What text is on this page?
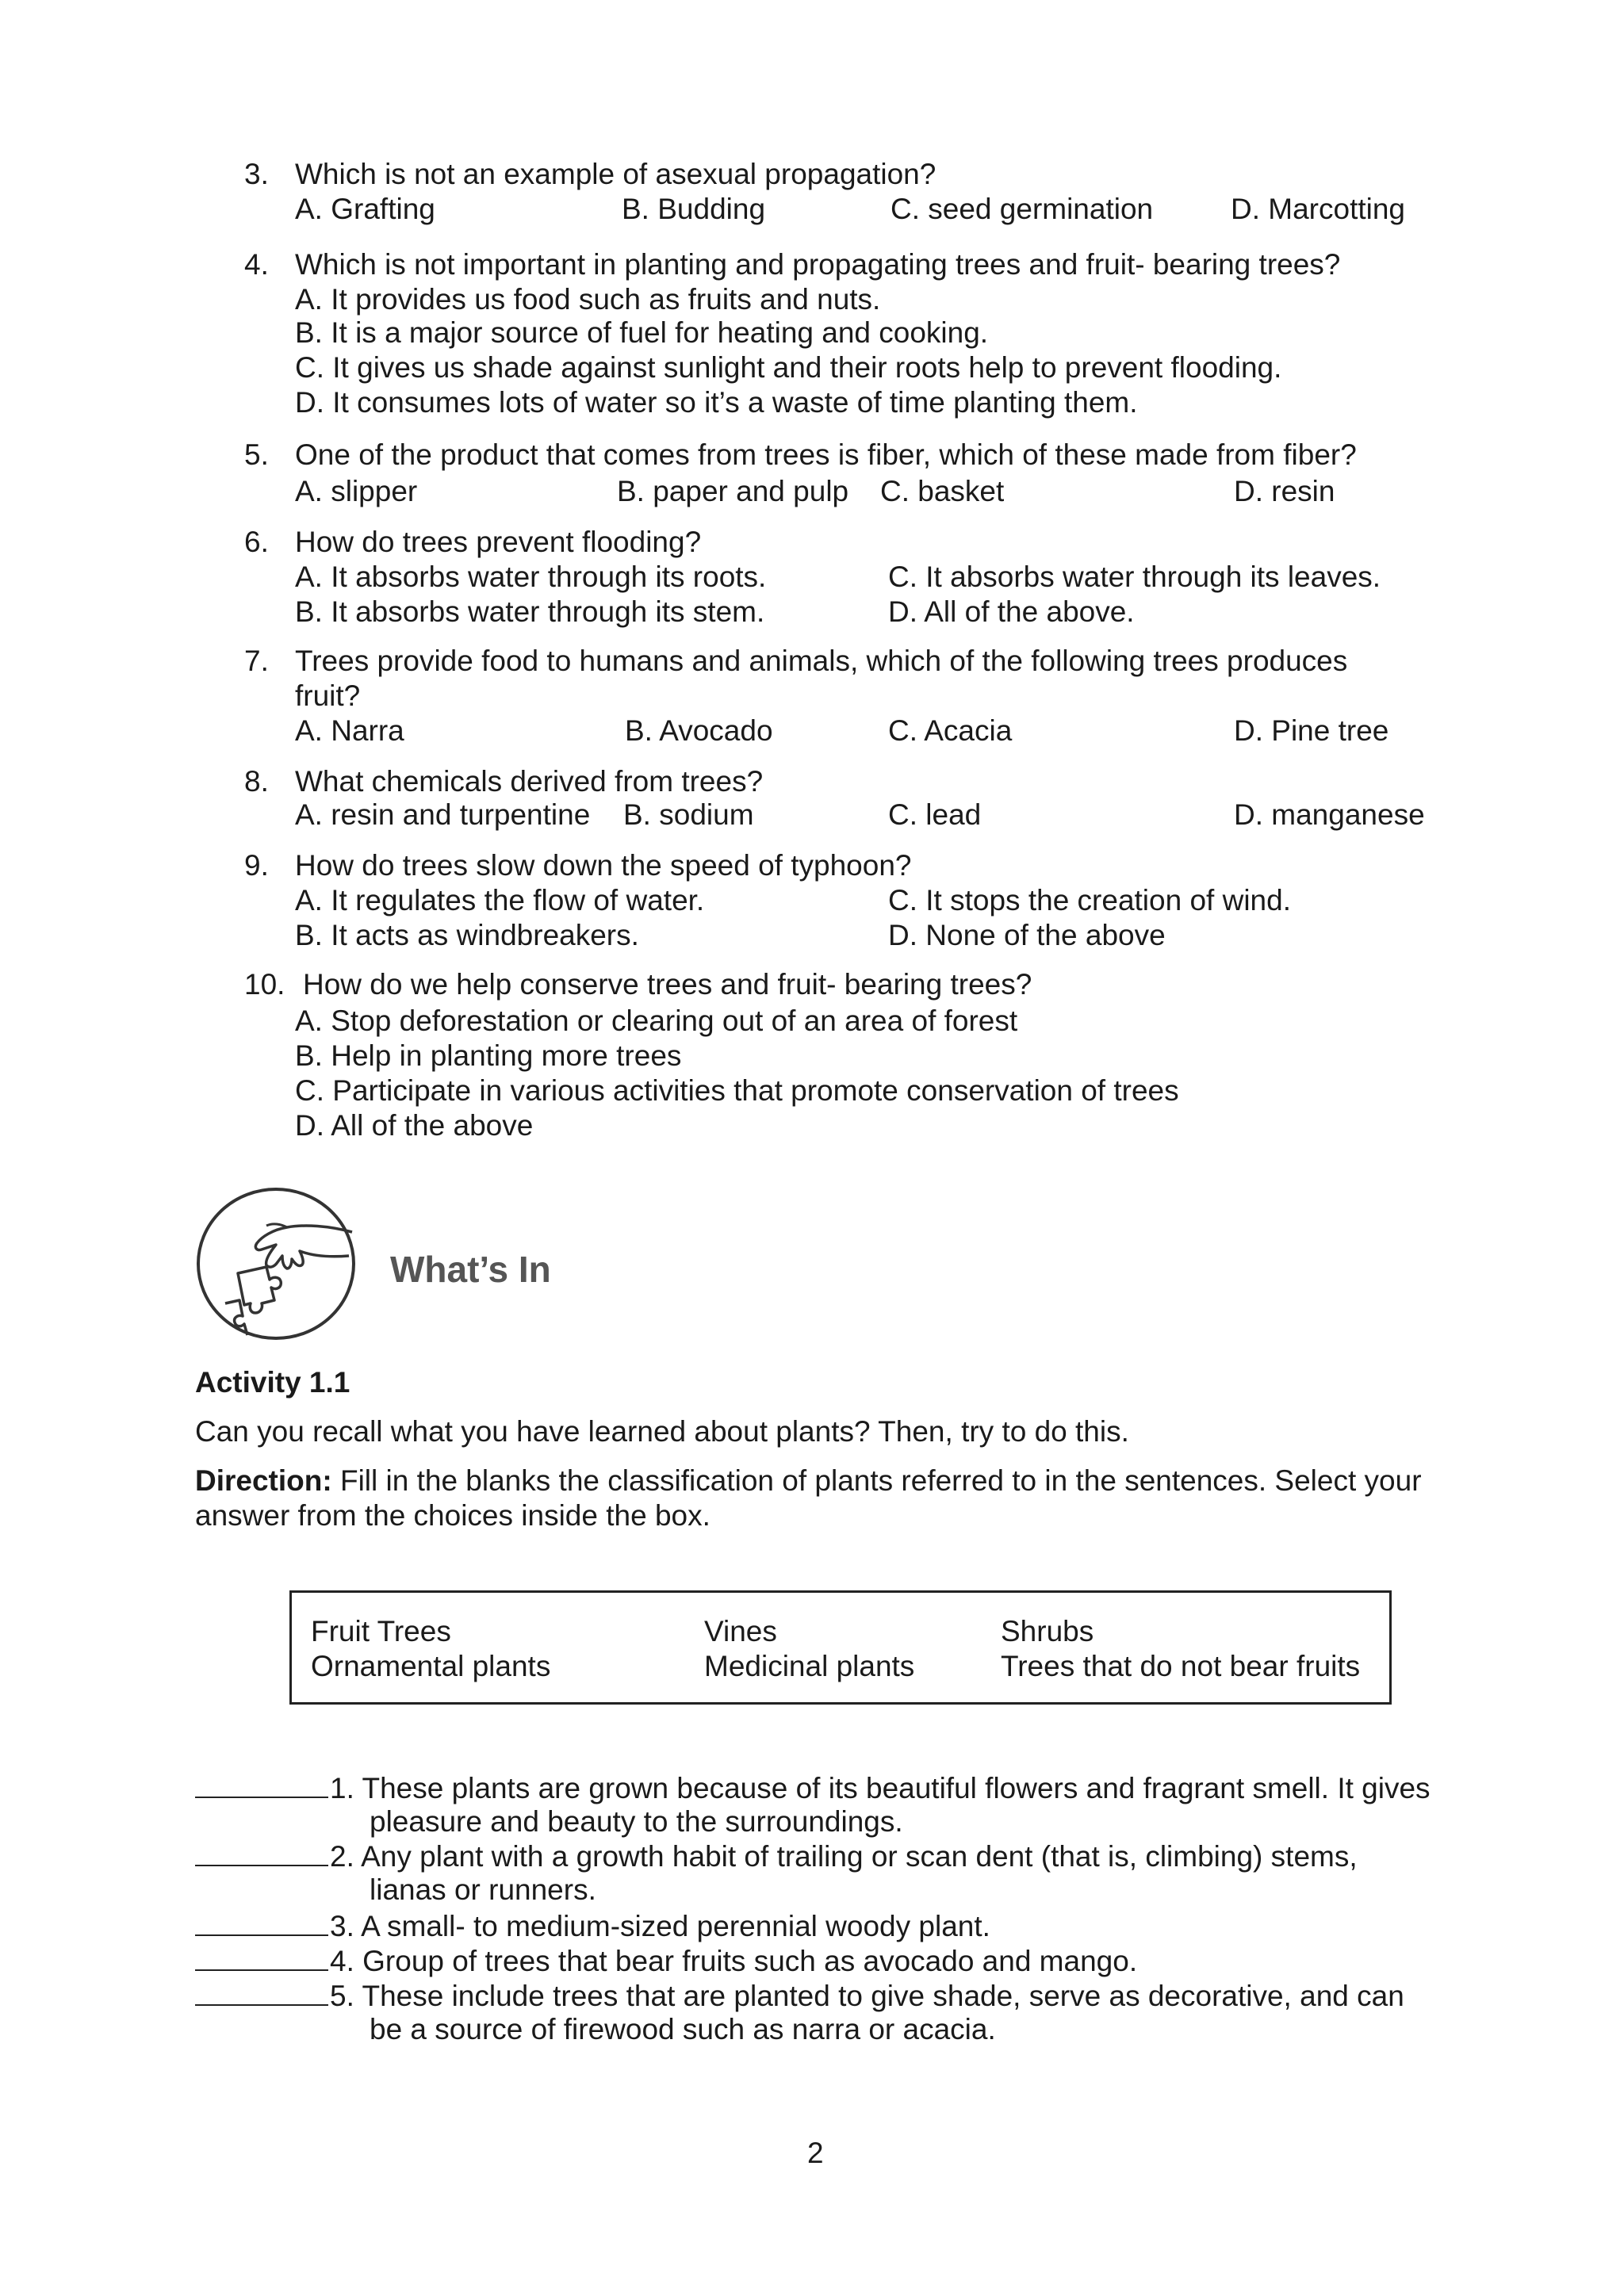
3. Which is not an example of asexual propagation?
A. Grafting	B. Budding	C. seed germination	D. Marcotting
4. Which is not important in planting and propagating trees and fruit- bearing trees?
A. It provides us food such as fruits and nuts.
B. It is a major source of fuel for heating and cooking.
C. It gives us shade against sunlight and their roots help to prevent flooding.
D. It consumes lots of water so it’s a waste of time planting them.
5. One of the product that comes from trees is fiber, which of these made from fiber?
A. slipper	B. paper and pulp C. basket	D. resin
6. How do trees prevent flooding?
A. It absorbs water through its roots.	C. It absorbs water through its leaves.
B. It absorbs water through its stem.	D. All of the above.
7. Trees provide food to humans and animals, which of the following trees produces
fruit?
A. Narra	B. Avocado	C. Acacia	D. Pine tree
8. What chemicals derived from trees?
A. resin and turpentine B. sodium	C. lead	D. manganese
9. How do trees slow down the speed of typhoon?
A. It regulates the flow of water.	C. It stops the creation of wind.
B. It acts as windbreakers.	D. None of the above
10. How do we help conserve trees and fruit- bearing trees?
A. Stop deforestation or clearing out of an area of forest
B. Help in planting more trees
C. Participate in various activities that promote conservation of trees
D. All of the above
What’s In
Activity 1.1
Can you recall what you have learned about plants? Then, try to do this.
Direction: Fill in the blanks the classification of plants referred to in the sentences. Select your
answer from the choices inside the box.
Fruit Trees	Vines	Shrubs
Ornamental plants	Medicinal plants	Trees that do not bear fruits
1. These plants are grown because of its beautiful flowers and fragrant smell. It gives
pleasure and beauty to the surroundings.
2. Any plant with a growth habit of trailing or scan dent (that is, climbing) stems,
lianas or runners.
3. A small- to medium-sized perennial woody plant.
4. Group of trees that bear fruits such as avocado and mango.
5. These include trees that are planted to give shade, serve as decorative, and can
be a source of firewood such as narra or acacia.
2
